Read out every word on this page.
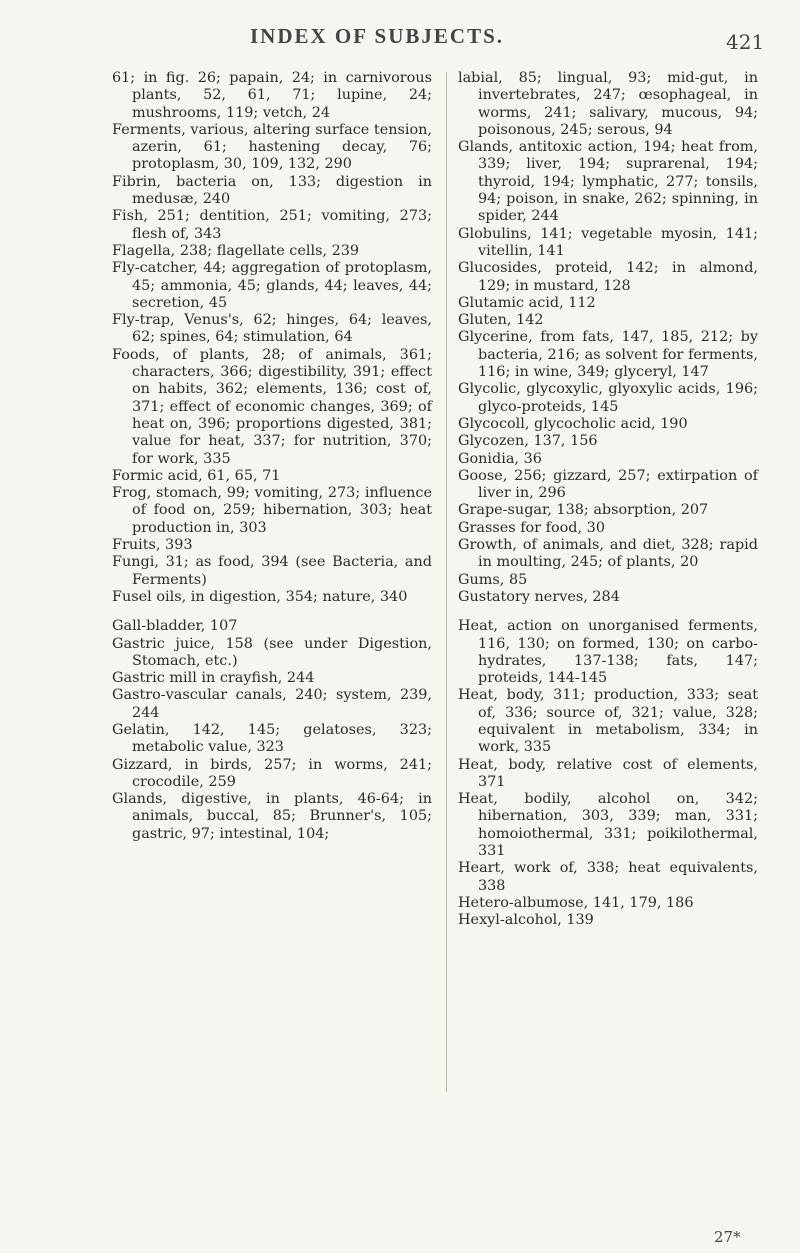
INDEX OF SUBJECTS.	421

61; in fig. 26; papain, 24; in carnivorous plants, 52, 61, 71; lupine, 24; mushrooms, 119; vetch, 24

Ferments, various, altering surface tension, azerin, 61; hastening decay, 76; protoplasm, 30, 109, 132, 290

Fibrin, bacteria on, 133; digestion in medusæ, 240

Fish, 251; dentition, 251; vomiting, 273; flesh of, 343

Flagella, 238; flagellate cells, 239

Fly-catcher, 44; aggregation of protoplasm, 45; ammonia, 45; glands, 44; leaves, 44; secretion, 45

Fly-trap, Venus's, 62; hinges, 64; leaves, 62; spines, 64; stimulation, 64

Foods, of plants, 28; of animals, 361; characters, 366; digestibility, 391; effect on habits, 362; elements, 136; cost of, 371; effect of economic changes, 369; of heat on, 396; proportions digested, 381; value for heat, 337; for nutrition, 370; for work, 335

Formic acid, 61, 65, 71

Frog, stomach, 99; vomiting, 273; influence of food on, 259; hibernation, 303; heat production in, 303

Fruits, 393

Fungi, 31; as food, 394 (see Bacteria, and Ferments)

Fusel oils, in digestion, 354; nature, 340

Gall-bladder, 107

Gastric juice, 158 (see under Digestion, Stomach, etc.)

Gastric mill in crayfish, 244

Gastro-vascular canals, 240; system, 239, 244

Gelatin, 142, 145; gelatoses, 323; metabolic value, 323

Gizzard, in birds, 257; in worms, 241; crocodile, 259

Glands, digestive, in plants, 46-64; in animals, buccal, 85; Brunner's, 105; gastric, 97; intestinal, 104;

labial, 85; lingual, 93; mid-gut, in invertebrates, 247; œsophageal, in worms, 241; salivary, mucous, 94; poisonous, 245; serous, 94

Glands, antitoxic action, 194; heat from, 339; liver, 194; suprarenal, 194; thyroid, 194; lymphatic, 277; tonsils, 94; poison, in snake, 262; spinning, in spider, 244

Globulins, 141; vegetable myosin, 141; vitellin, 141

Glucosides, proteid, 142; in almond, 129; in mustard, 128

Glutamic acid, 112

Gluten, 142

Glycerine, from fats, 147, 185, 212; by bacteria, 216; as solvent for ferments, 116; in wine, 349; glyceryl, 147

Glycolic, glycoxylic, glyoxylic acids, 196; glyco-proteids, 145

Glycocoll, glycocholic acid, 190

Glycozen, 137, 156

Gonidia, 36

Goose, 256; gizzard, 257; extirpation of liver in, 296

Grape-sugar, 138; absorption, 207

Grasses for food, 30

Growth, of animals, and diet, 328; rapid in moulting, 245; of plants, 20

Gums, 85

Gustatory nerves, 284

Heat, action on unorganised ferments, 116, 130; on formed, 130; on carbo-hydrates, 137-138; fats, 147; proteids, 144-145

Heat, body, 311; production, 333; seat of, 336; source of, 321; value, 328; equivalent in metabolism, 334; in work, 335

Heat, body, relative cost of elements, 371

Heat, bodily, alcohol on, 342; hibernation, 303, 339; man, 331; homoiothermal, 331; poikilothermal, 331

Heart, work of, 338; heat equivalents, 338

Hetero-albumose, 141, 179, 186

Hexyl-alcohol, 139

27*
